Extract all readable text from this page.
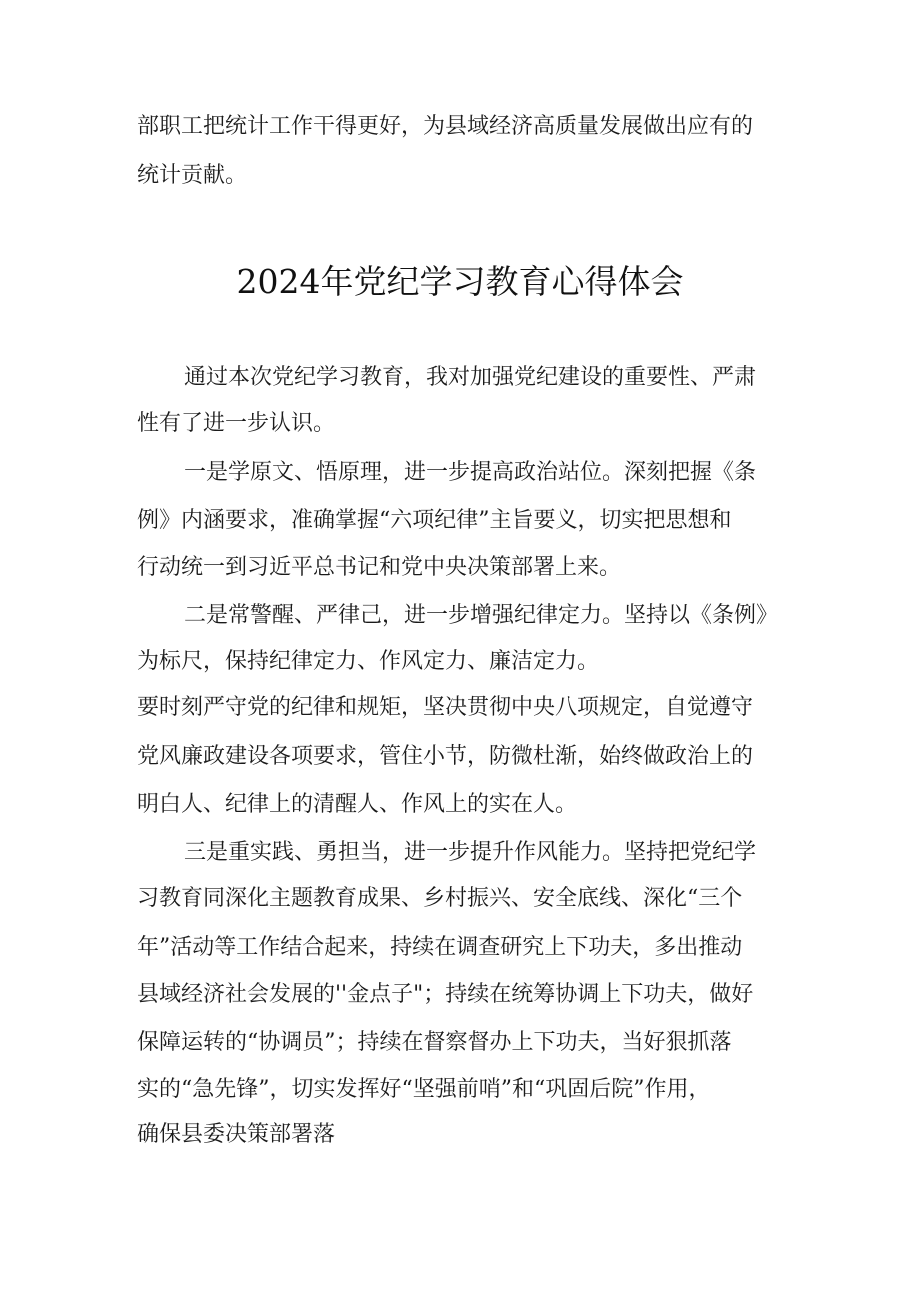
部职工把统计工作干得更好，为县域经济高质量发展做出应有的
统计贡献。
2024年党纪学习教育心得体会
通过本次党纪学习教育，我对加强党纪建设的重要性、严肃
性有了进一步认识。
一是学原文、悟原理，进一步提高政治站位。深刻把握《条
例》内涵要求，准确掌握“六项纪律”主旨要义，切实把思想和
行动统一到习近平总书记和党中央决策部署上来。
二是常警醒、严律己，进一步增强纪律定力。坚持以《条例》
为标尺，保持纪律定力、作风定力、廉洁定力。
要时刻严守党的纪律和规矩，坚决贯彻中央八项规定，自觉遵守
党风廉政建设各项要求，管住小节，防微杜渐，始终做政治上的
明白人、纪律上的清醒人、作风上的实在人。
三是重实践、勇担当，进一步提升作风能力。坚持把党纪学
习教育同深化主题教育成果、乡村振兴、安全底线、深化“三个
年”活动等工作结合起来，持续在调查研究上下功夫，多出推动
县域经济社会发展的''金点子"；持续在统筹协调上下功夫，做好
保障运转的“协调员”；持续在督察督办上下功夫，当好狠抓落
实的“急先锋”，切实发挥好“坚强前哨”和“巩固后院”作用，
确保县委决策部署落
